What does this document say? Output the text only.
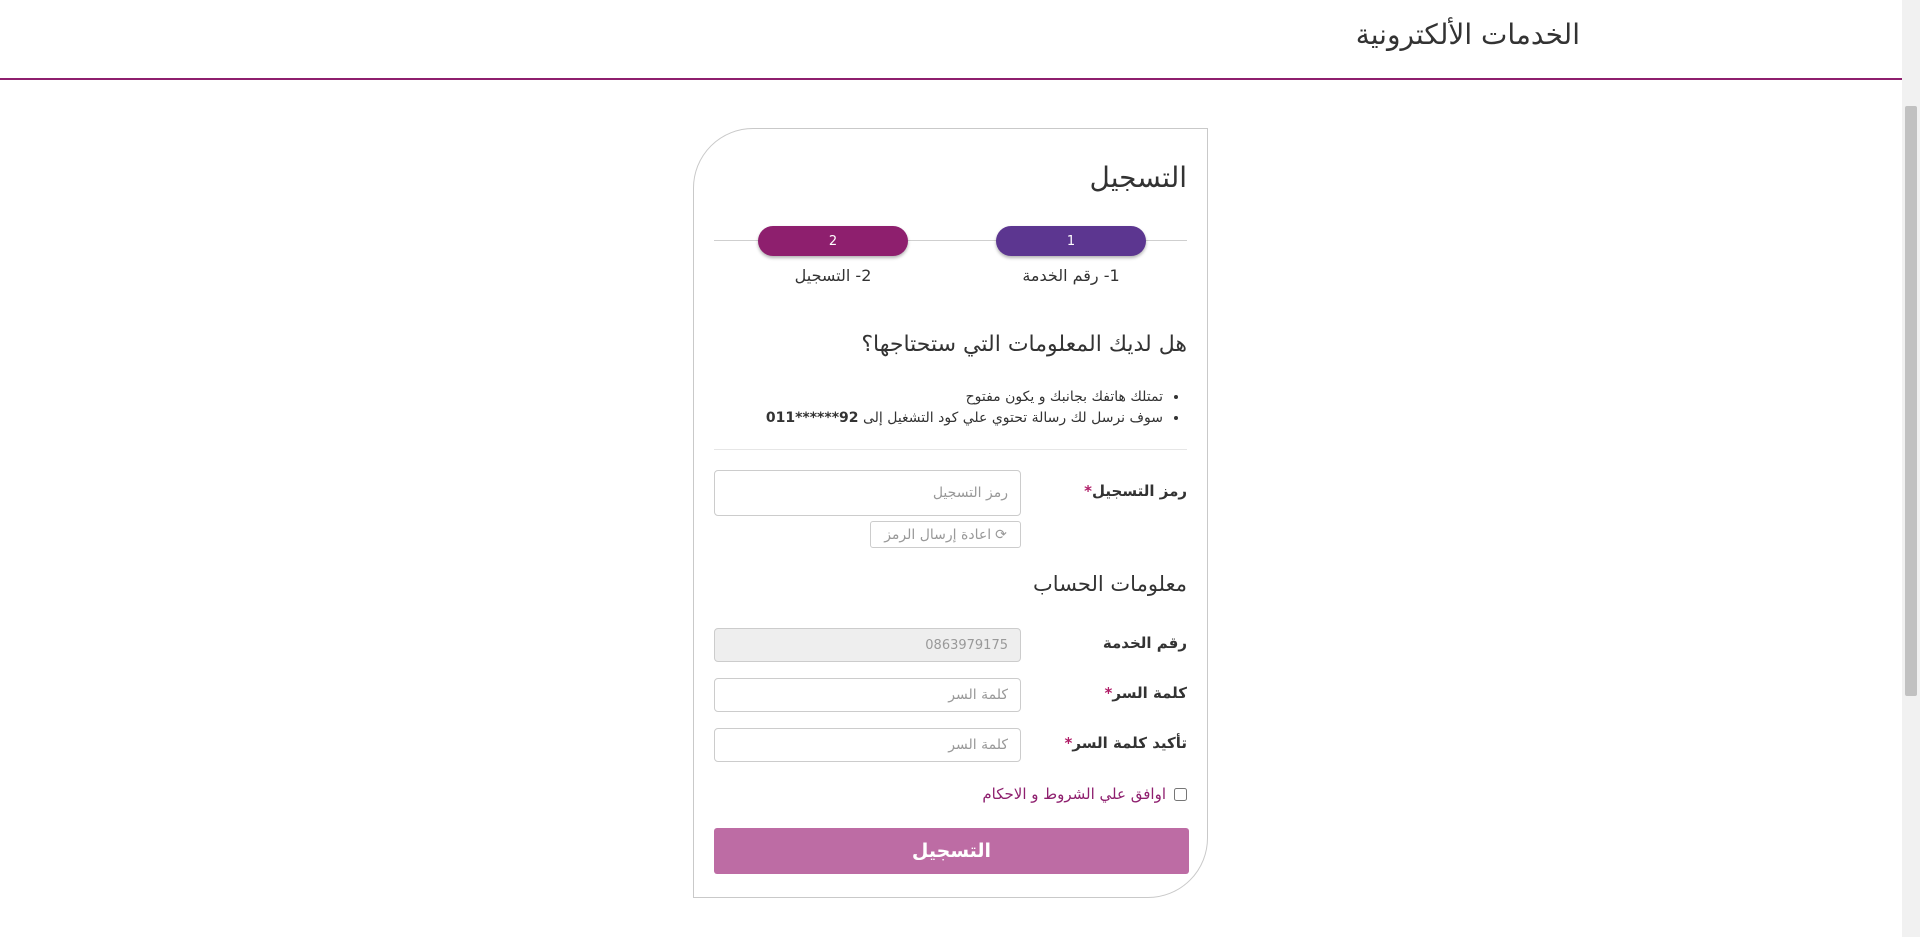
الخدمات الألكترونية
التسجيل
1
2
1- رقم الخدمة
2- التسجيل
هل لديك المعلومات التي ستحتاجها؟
• تمتلك هاتفك بجانبك و يكون مفتوح
• سوف نرسل لك رسالة تحتوي علي كود التشغيل إلى 011******92
رمز التسجيل*
رمز التسجيل
⟳
اعادة إرسال الرمز
معلومات الحساب
رقم الخدمة
0863979175
كلمة السر*
تأكيد كلمة السر*
اوافق علي الشروط و الاحكام
التسجيل
